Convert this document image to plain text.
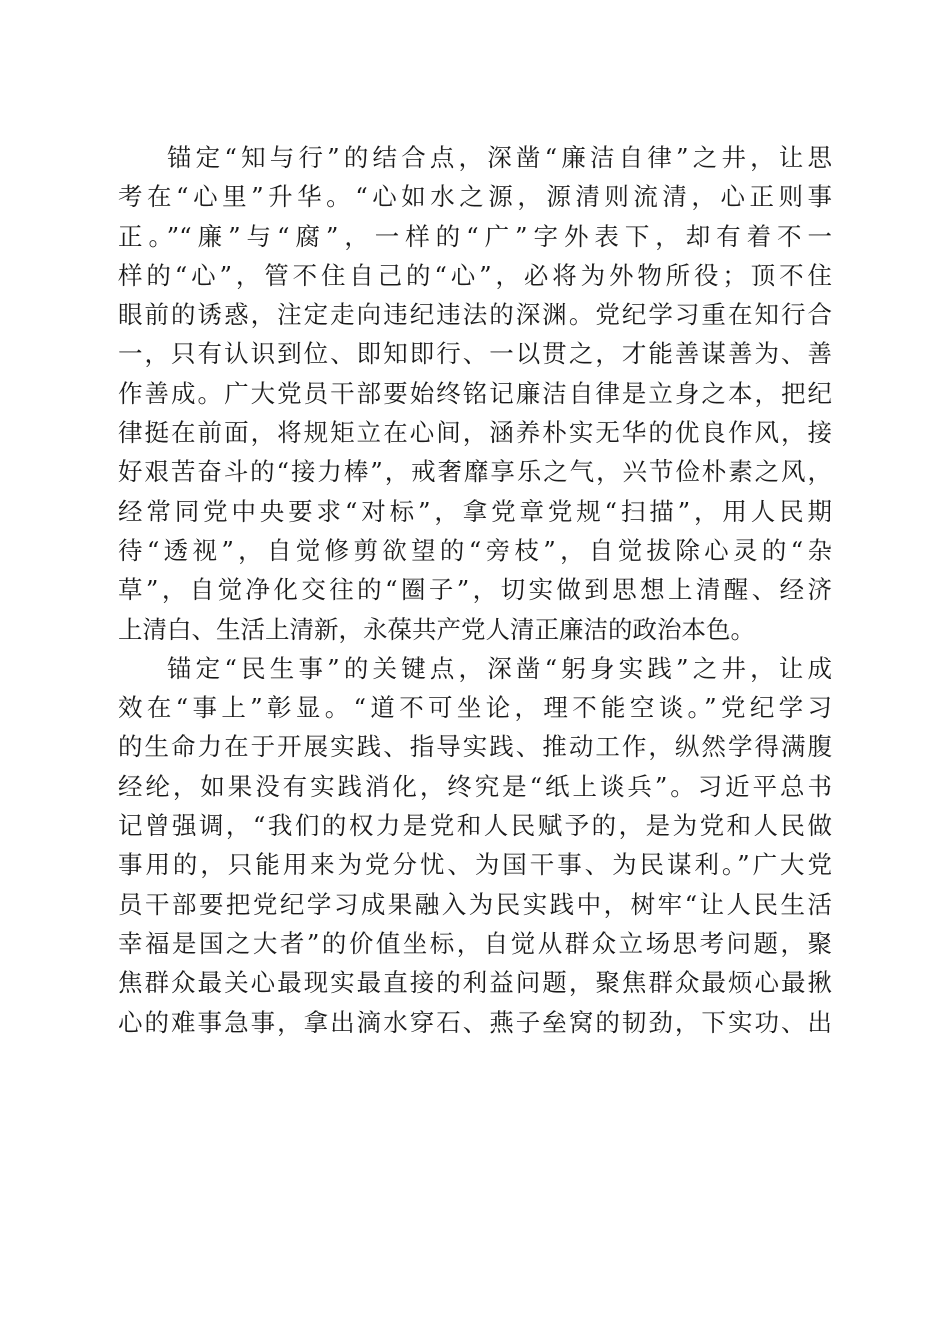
锚定“知与行”的结合点，深凿“廉洁自律”之井，让思
考在“心里”升华。“心如水之源，源清则流清，心正则事
正。”“廉”与“腐”，一样的“广”字外表下，却有着不一
样的“心”，管不住自己的“心”，必将为外物所役；顶不住
眼前的诱惑，注定走向违纪违法的深渊。党纪学习重在知行合
一，只有认识到位、即知即行、一以贯之，才能善谋善为、善
作善成。广大党员干部要始终铭记廉洁自律是立身之本，把纪
律挺在前面，将规矩立在心间，涵养朴实无华的优良作风，接
好艰苦奋斗的“接力棒”，戒奢靡享乐之气，兴节俭朴素之风，
经常同党中央要求“对标”，拿党章党规“扫描”，用人民期
待“透视”，自觉修剪欲望的“旁枝”，自觉拔除心灵的“杂
草”，自觉净化交往的“圈子”，切实做到思想上清醒、经济
上清白、生活上清新，永葆共产党人清正廉洁的政治本色。
锚定“民生事”的关键点，深凿“躬身实践”之井，让成
效在“事上”彰显。“道不可坐论，理不能空谈。”党纪学习
的生命力在于开展实践、指导实践、推动工作，纵然学得满腹
经纶，如果没有实践消化，终究是“纸上谈兵”。习近平总书
记曾强调，“我们的权力是党和人民赋予的，是为党和人民做
事用的，只能用来为党分忧、为国干事、为民谋利。”广大党
员干部要把党纪学习成果融入为民实践中，树牢“让人民生活
幸福是国之大者”的价值坐标，自觉从群众立场思考问题，聚
焦群众最关心最现实最直接的利益问题，聚焦群众最烦心最揪
心的难事急事，拿出滴水穿石、燕子垒窝的韧劲，下实功、出
